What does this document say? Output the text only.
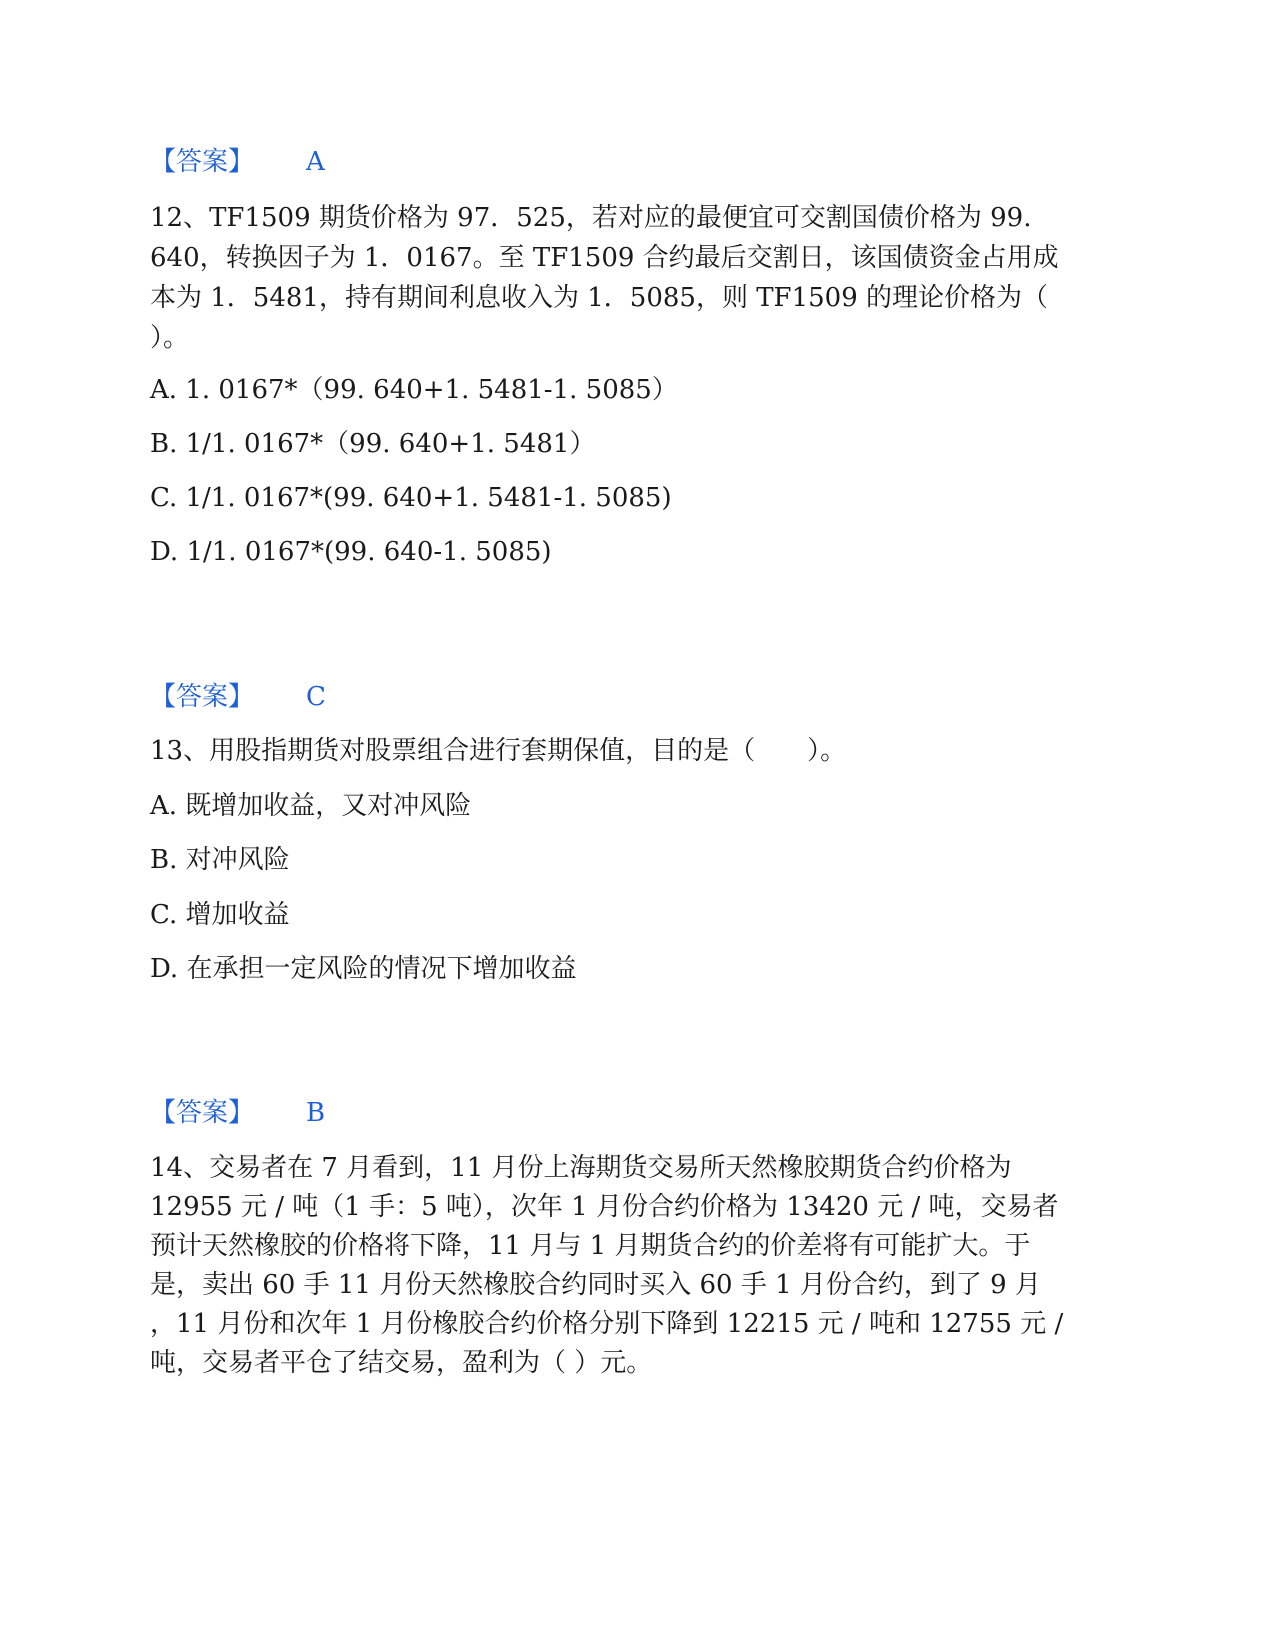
【答案】 A
12、TF1509 期货价格为 97．525，若对应的最便宜可交割国债价格为 99.
640，转换因子为 1．0167。至 TF1509 合约最后交割日，该国债资金占用成
本为 1．5481，持有期间利息收入为 1．5085，则 TF1509 的理论价格为（
）。
A. 1. 0167*（99. 640+1. 5481-1. 5085）
B. 1/1. 0167*（99. 640+1. 5481）
C. 1/1. 0167*(99. 640+1. 5481-1. 5085)
D. 1/1. 0167*(99. 640-1. 5085)
【答案】 C
13、用股指期货对股票组合进行套期保值，目的是（　　）。
A. 既增加收益，又对冲风险
B. 对冲风险
C. 增加收益
D. 在承担一定风险的情况下增加收益
【答案】 B
14、交易者在 7 月看到，11 月份上海期货交易所天然橡胶期货合约价格为
12955 元 / 吨（1 手：5 吨），次年 1 月份合约价格为 13420 元 / 吨，交易者
预计天然橡胶的价格将下降，11 月与 1 月期货合约的价差将有可能扩大。于
是，卖出 60 手 11 月份天然橡胶合约同时买入 60 手 1 月份合约，到了 9 月
，11 月份和次年 1 月份橡胶合约价格分别下降到 12215 元 / 吨和 12755 元 /
吨，交易者平仓了结交易，盈利为（ ）元。
